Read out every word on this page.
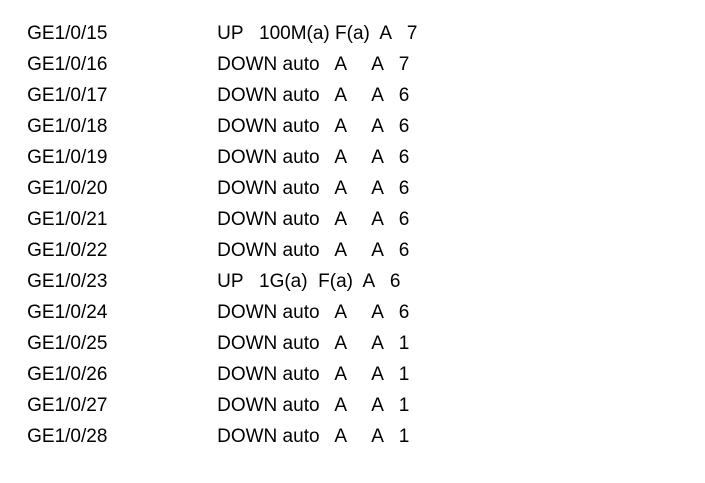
GE1/0/15	UP   100M(a) F(a)  A   7

GE1/0/16	DOWN auto   A     A   7

GE1/0/17	DOWN auto   A     A   6

GE1/0/18	DOWN auto   A     A   6

GE1/0/19	DOWN auto   A     A   6

GE1/0/20	DOWN auto   A     A   6

GE1/0/21	DOWN auto   A     A   6

GE1/0/22	DOWN auto   A     A   6

GE1/0/23	UP   1G(a)  F(a)  A   6

GE1/0/24	DOWN auto   A     A   6

GE1/0/25	DOWN auto   A     A   1

GE1/0/26	DOWN auto   A     A   1

GE1/0/27	DOWN auto   A     A   1

GE1/0/28	DOWN auto   A     A   1
